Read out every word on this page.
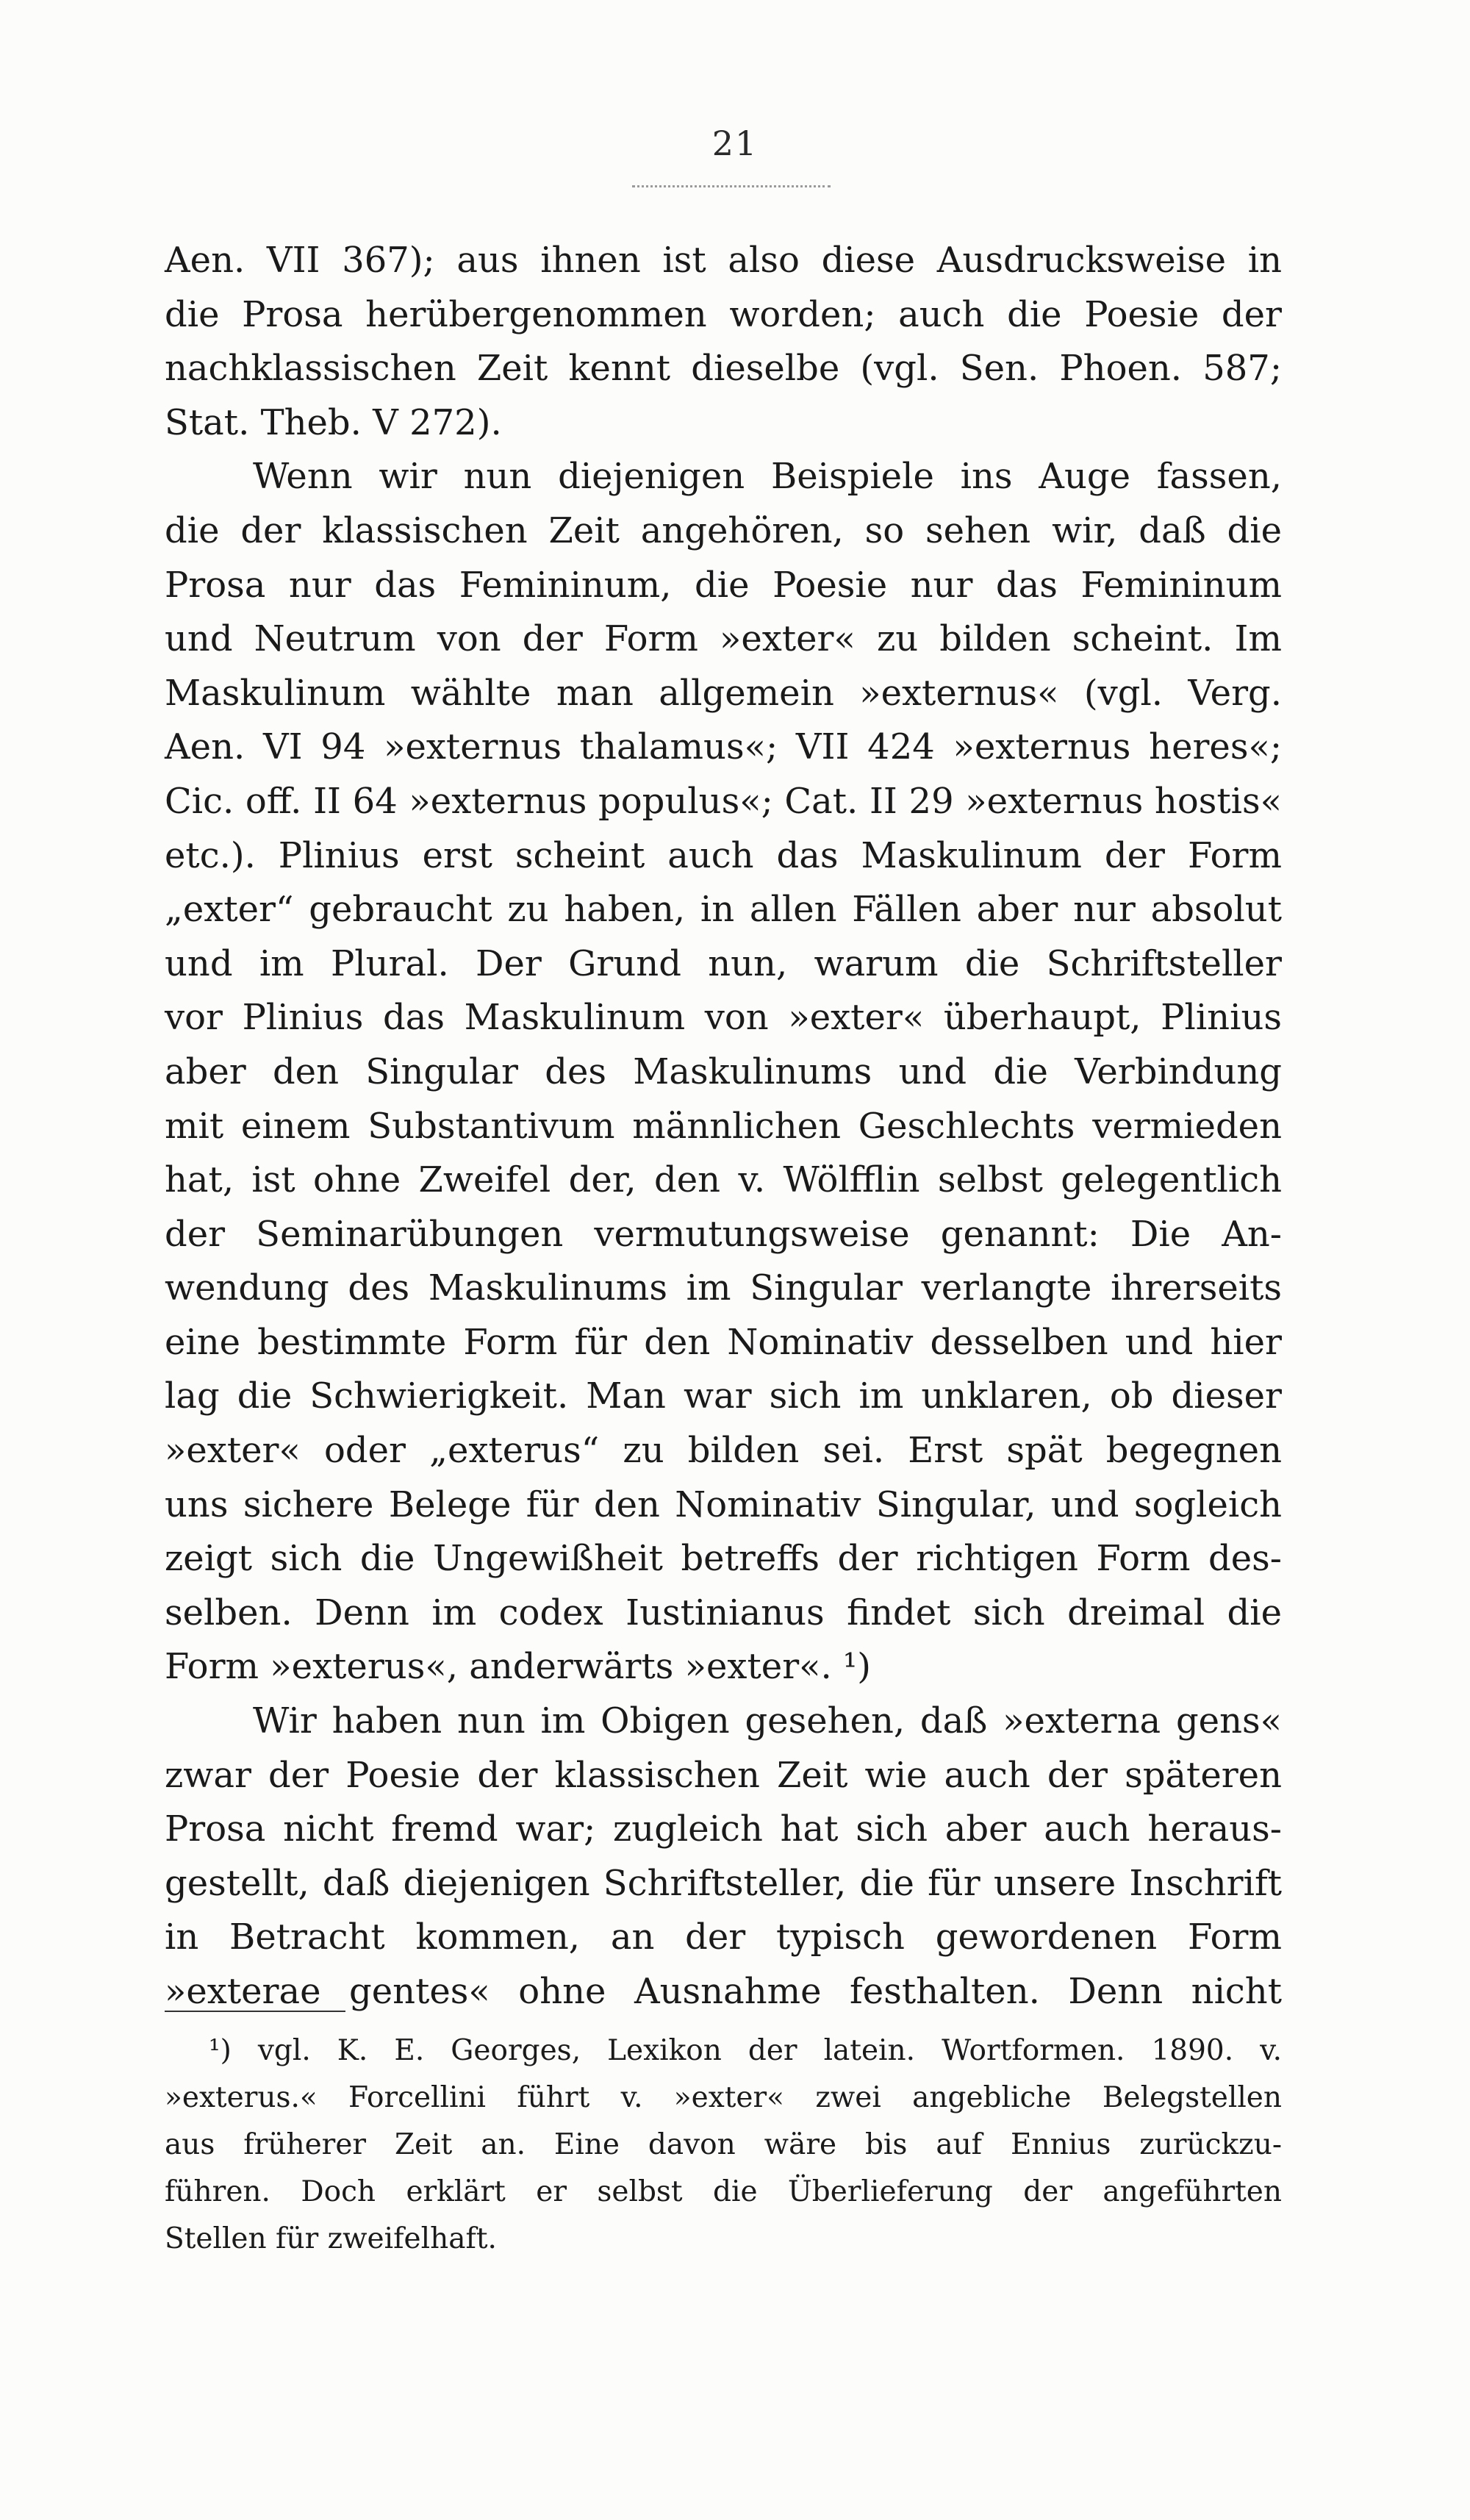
21
Aen. VII 367); aus ihnen ist also diese Ausdrucksweise in
die Prosa herübergenommen worden; auch die Poesie der
nachklassischen Zeit kennt dieselbe (vgl. Sen. Phoen. 587;
Stat. Theb. V 272).
Wenn wir nun diejenigen Beispiele ins Auge fassen,
die der klassischen Zeit angehören, so sehen wir, daß die
Prosa nur das Femininum, die Poesie nur das Femininum
und Neutrum von der Form »exter« zu bilden scheint. Im
Maskulinum wählte man allgemein »externus« (vgl. Verg.
Aen. VI 94 »externus thalamus«; VII 424 »externus heres«;
Cic. off. II 64 »externus populus«; Cat. II 29 »externus hostis«
etc.). Plinius erst scheint auch das Maskulinum der Form
„exter“ gebraucht zu haben, in allen Fällen aber nur absolut
und im Plural. Der Grund nun, warum die Schriftsteller
vor Plinius das Maskulinum von »exter« überhaupt, Plinius
aber den Singular des Maskulinums und die Verbindung
mit einem Substantivum männlichen Geschlechts vermieden
hat, ist ohne Zweifel der, den v. Wölfflin selbst gelegentlich
der Seminarübungen vermutungsweise genannt: Die An-
wendung des Maskulinums im Singular verlangte ihrerseits
eine bestimmte Form für den Nominativ desselben und hier
lag die Schwierigkeit. Man war sich im unklaren, ob dieser
»exter« oder „exterus“ zu bilden sei. Erst spät begegnen
uns sichere Belege für den Nominativ Singular, und sogleich
zeigt sich die Ungewißheit betreffs der richtigen Form des-
selben. Denn im codex Iustinianus findet sich dreimal die
Form »exterus«, anderwärts »exter«. ¹)
Wir haben nun im Obigen gesehen, daß »externa gens«
zwar der Poesie der klassischen Zeit wie auch der späteren
Prosa nicht fremd war; zugleich hat sich aber auch heraus-
gestellt, daß diejenigen Schriftsteller, die für unsere Inschrift
in Betracht kommen, an der typisch gewordenen Form
»exterae gentes« ohne Ausnahme festhalten. Denn nicht
¹) vgl. K. E. Georges, Lexikon der latein. Wortformen. 1890. v.
»exterus.« Forcellini führt v. »exter« zwei angebliche Belegstellen
aus früherer Zeit an. Eine davon wäre bis auf Ennius zurückzu-
führen. Doch erklärt er selbst die Überlieferung der angeführten
Stellen für zweifelhaft.
